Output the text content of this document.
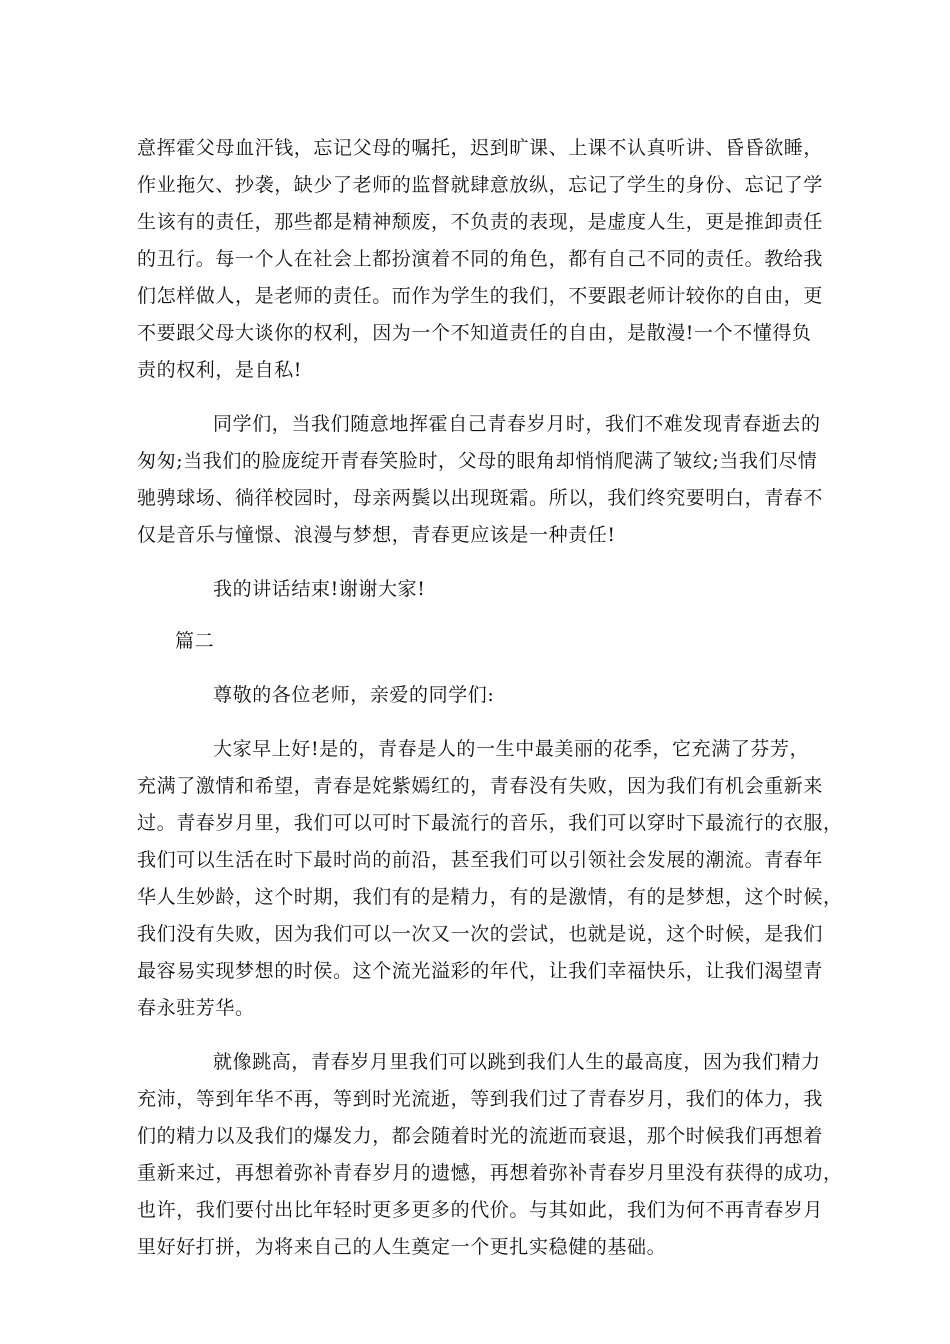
意挥霍父母血汗钱，忘记父母的嘱托，迟到旷课、上课不认真听讲、昏昏欲睡，
作业拖欠、抄袭，缺少了老师的监督就肆意放纵，忘记了学生的身份、忘记了学
生该有的责任，那些都是精神颓废，不负责的表现，是虚度人生，更是推卸责任
的丑行。每一个人在社会上都扮演着不同的角色，都有自己不同的责任。教给我
们怎样做人，是老师的责任。而作为学生的我们，不要跟老师计较你的自由，更
不要跟父母大谈你的权利，因为一个不知道责任的自由，是散漫!一个不懂得负
责的权利，是自私!
同学们，当我们随意地挥霍自己青春岁月时，我们不难发现青春逝去的
匆匆;当我们的脸庞绽开青春笑脸时，父母的眼角却悄悄爬满了皱纹;当我们尽情
驰骋球场、徜徉校园时，母亲两鬓以出现斑霜。所以，我们终究要明白，青春不
仅是音乐与憧憬、浪漫与梦想，青春更应该是一种责任!
我的讲话结束!谢谢大家!
篇二
尊敬的各位老师，亲爱的同学们:
大家早上好!是的，青春是人的一生中最美丽的花季，它充满了芬芳，
充满了激情和希望，青春是姹紫嫣红的，青春没有失败，因为我们有机会重新来
过。青春岁月里，我们可以可时下最流行的音乐，我们可以穿时下最流行的衣服，
我们可以生活在时下最时尚的前沿，甚至我们可以引领社会发展的潮流。青春年
华人生妙龄，这个时期，我们有的是精力，有的是激情，有的是梦想，这个时候，
我们没有失败，因为我们可以一次又一次的尝试，也就是说，这个时候，是我们
最容易实现梦想的时侯。这个流光溢彩的年代，让我们幸福快乐，让我们渴望青
春永驻芳华。
就像跳高，青春岁月里我们可以跳到我们人生的最高度，因为我们精力
充沛，等到年华不再，等到时光流逝，等到我们过了青春岁月，我们的体力，我
们的精力以及我们的爆发力，都会随着时光的流逝而衰退，那个时候我们再想着
重新来过，再想着弥补青春岁月的遗憾，再想着弥补青春岁月里没有获得的成功，
也许，我们要付出比年轻时更多更多的代价。与其如此，我们为何不再青春岁月
里好好打拼，为将来自己的人生奠定一个更扎实稳健的基础。
